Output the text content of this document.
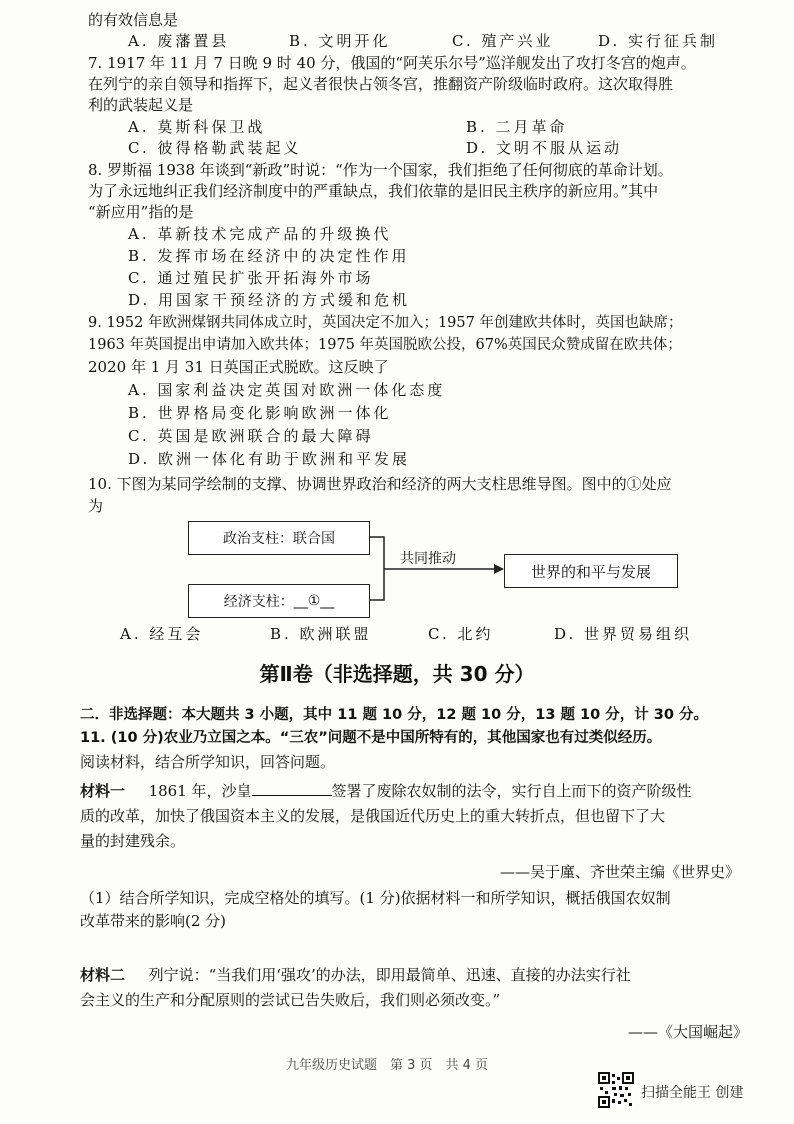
的有效信息是
A. 废藩置县	B. 文明开化	C. 殖产兴业	D. 实行征兵制
7. 1917 年 11 月 7 日晚 9 时 40 分，俄国的“阿芙乐尔号”巡洋舰发出了攻打冬宫的炮声。
在列宁的亲自领导和指挥下，起义者很快占领冬宫，推翻资产阶级临时政府。这次取得胜
利的武装起义是
A. 莫斯科保卫战	B. 二月革命
C. 彼得格勒武装起义	D. 文明不服从运动
8. 罗斯福 1938 年谈到“新政”时说：“作为一个国家，我们拒绝了任何彻底的革命计划。
为了永远地纠正我们经济制度中的严重缺点，我们依靠的是旧民主秩序的新应用。”其中
“新应用”指的是
A. 革新技术完成产品的升级换代
B. 发挥市场在经济中的决定性作用
C. 通过殖民扩张开拓海外市场
D. 用国家干预经济的方式缓和危机
9. 1952 年欧洲煤钢共同体成立时，英国决定不加入；1957 年创建欧共体时，英国也缺席；
1963 年英国提出申请加入欧共体；1975 年英国脱欧公投，67%英国民众赞成留在欧共体；
2020 年 1 月 31 日英国正式脱欧。这反映了
A. 国家利益决定英国对欧洲一体化态度
B. 世界格局变化影响欧洲一体化
C. 英国是欧洲联合的最大障碍
D. 欧洲一体化有助于欧洲和平发展
10. 下图为某同学绘制的支撑、协调世界政治和经济的两大支柱思维导图。图中的①处应
为
政治支柱：联合国
经济支柱： __①__
共同推动
世界的和平与发展
A. 经互会	B. 欧洲联盟	C. 北约	D. 世界贸易组织
第Ⅱ卷（非选择题，共 30 分）
二．非选择题：本大题共 3 小题，其中 11 题 10 分，12 题 10 分，13 题 10 分，计 30 分。
11. (10 分)农业乃立国之本。“三农”问题不是中国所特有的，其他国家也有过类似经历。
阅读材料，结合所学知识，回答问题。
材料一 1861 年，沙皇	签署了废除农奴制的法令，实行自上而下的资产阶级性
质的改革，加快了俄国资本主义的发展，是俄国近代历史上的重大转折点，但也留下了大
量的封建残余。
——吴于廑、齐世荣主编《世界史》
（1）结合所学知识，完成空格处的填写。(1 分)依据材料一和所学知识，概括俄国农奴制
改革带来的影响(2 分)
材料二 列宁说：“当我们用‘强攻’的办法，即用最简单、迅速、直接的办法实行社
会主义的生产和分配原则的尝试已告失败后，我们则必须改变。”
——《大国崛起》
九年级历史试题　第 3 页　共 4 页
扫描全能王 创建
